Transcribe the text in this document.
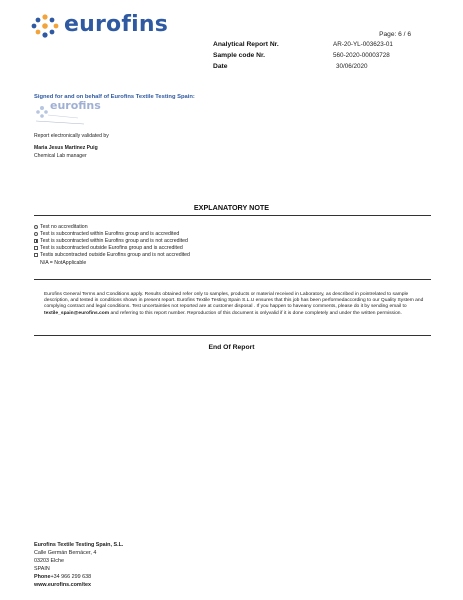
eurofins	Page: 6 / 6
Analytical Report Nr.	AR-20-YL-003623-01
Sample code Nr.	560-2020-00003728
Date	30/06/2020
Signed for and on behalf of Eurofins Textile Testing Spain:
eurofins
Report electronically validated by
Maria Jesus Martinez Puig
Chemical Lab manager
EXPLANATORY NOTE
Test no accreditation
Test is subcontracted within Eurofins group and is accredited
Test is subcontracted within Eurofins group and is not accredited
Test is subcontracted outside Eurofins group and is accredited
Testis subcontracted outside Eurofins group and is not accredited
N/A = NotApplicable
Eurofins General Terms and Conditions apply. Results obtained refer only to samples, products or material received in Laboratory, as described in pointrelated to sample description, and tested in conditions shown in present report. Eurofins Textile Testing Spain S.L.U ensures that this job has been performedaccording to our Quality System and complying contract and legal conditions. Test uncertainties not reported are at customer disposal . If you happen to haveany comments, please do it by sending email to textile_spain@eurofins.com and referring to this report number. Reproduction of this document is onlyvalid if it is done completely and under the written permission.
End Of Report
Eurofins Textile Testing Spain, S.L.
Calle Germán Bernácer, 4
03203 Elche
SPAIN
Phone+34 966 299 638
www.eurofins.com/tex
